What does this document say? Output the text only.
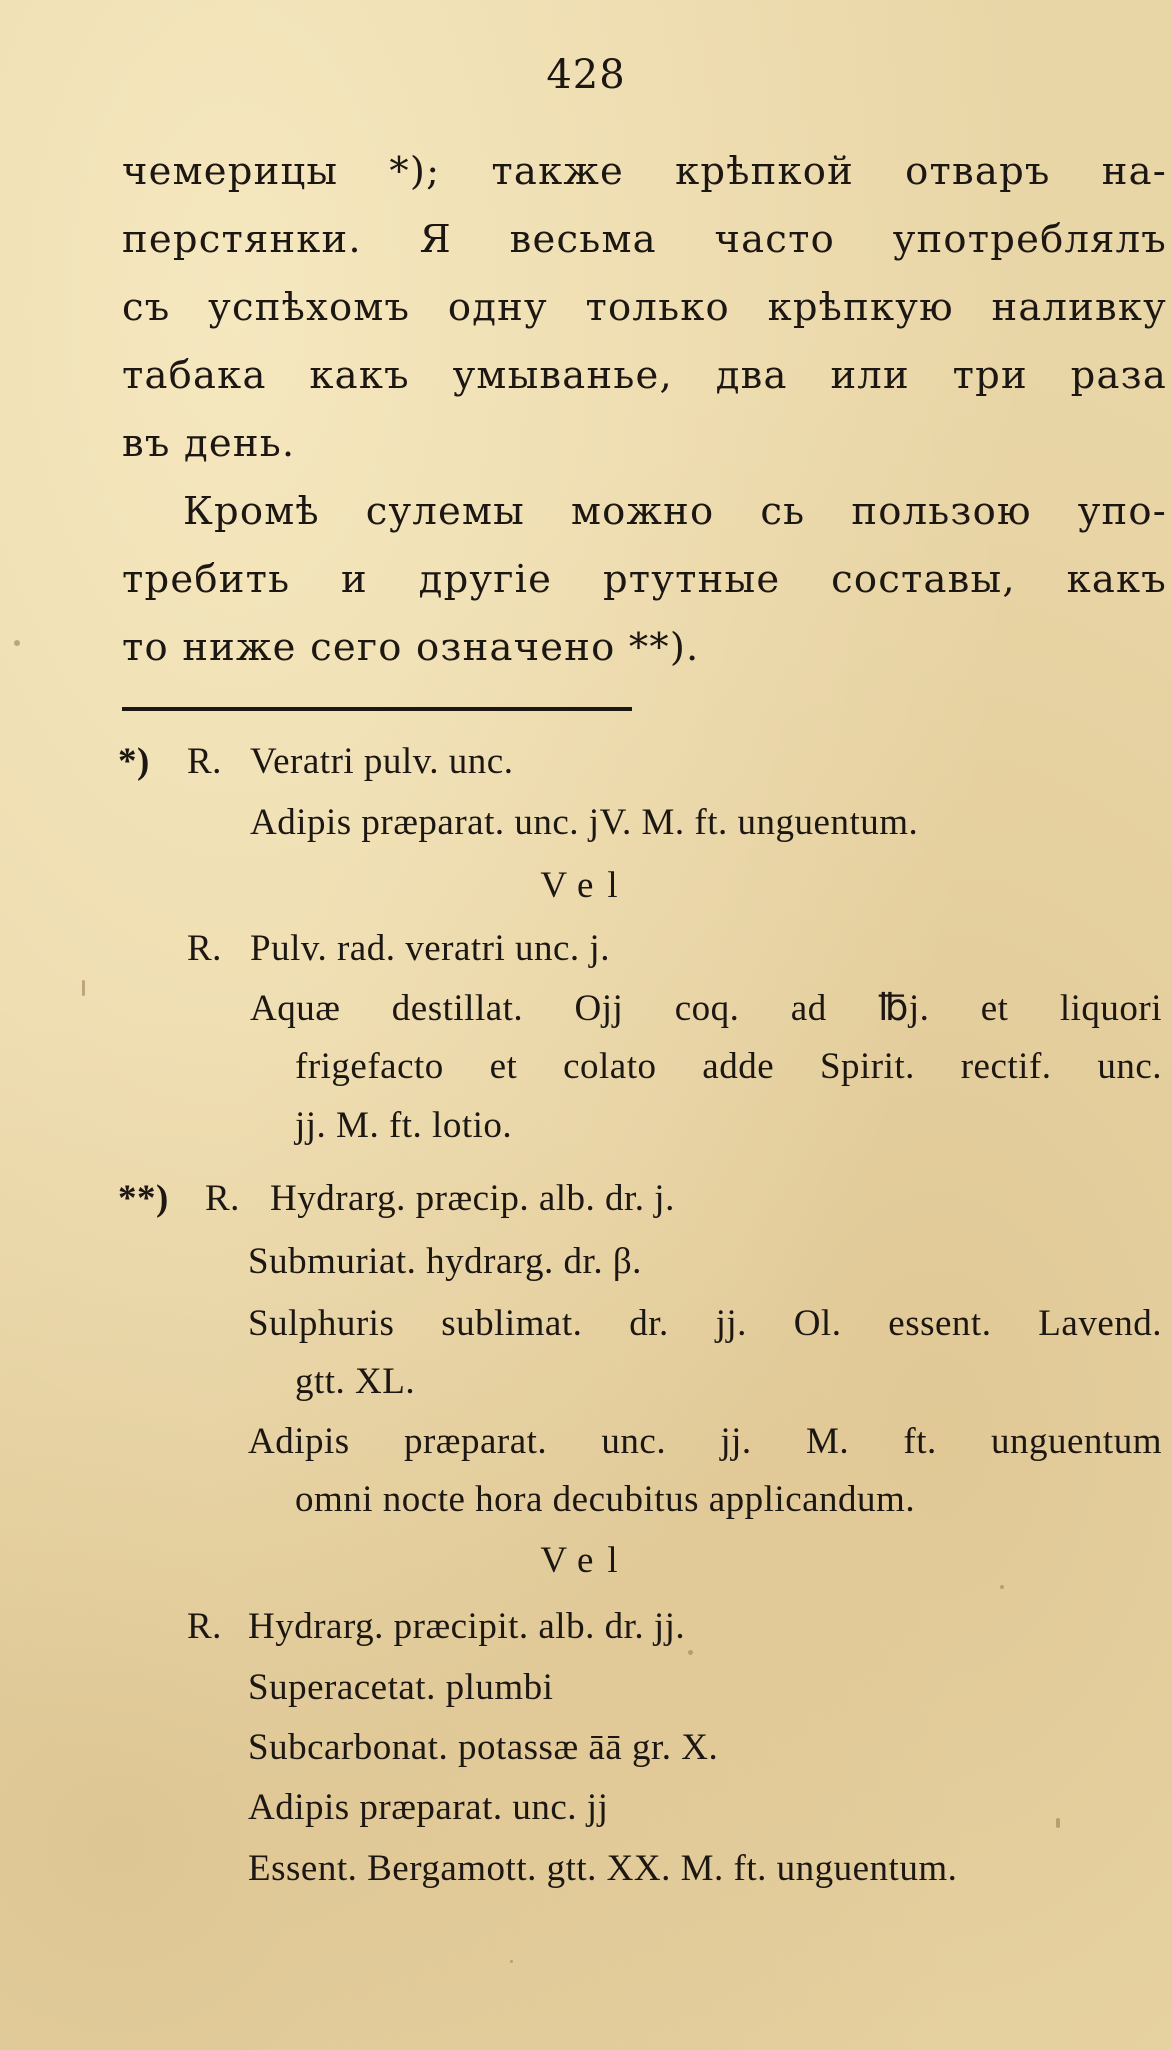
428
чемерицы *); также крѣпкой отваръ на-
перстянки. Я весьма часто употреблялъ
съ успѣхомъ одну только крѣпкую наливку
табака какъ умыванье, два или три раза
въ день.
Кромѣ сулемы можно сь пользою упо-
требить и другіе ртутные составы, какъ
то ниже сего означено **).
*) R. Veratri pulv. unc.
Adipis præparat. unc. jV. M. ft. unguentum.
Vel
R. Pulv. rad. veratri unc. j.
Aquæ destillat. Ojj coq. ad ℔j. et liquori
frigefacto et colato adde Spirit. rectif. unc.
jj. M. ft. lotio.
**) R. Hydrarg. præcip. alb. dr. j.
Submuriat. hydrarg. dr. β.
Sulphuris sublimat. dr. jj. Ol. essent. Lavend.
gtt. XL.
Adipis præparat. unc. jj. M. ft. unguentum
omni nocte hora decubitus applicandum.
Vel
R. Hydrarg. præcipit. alb. dr. jj.
Superacetat. plumbi
Subcarbonat. potassæ āā gr. X.
Adipis præparat. unc. jj
Essent. Bergamott. gtt. XX. M. ft. unguentum.
